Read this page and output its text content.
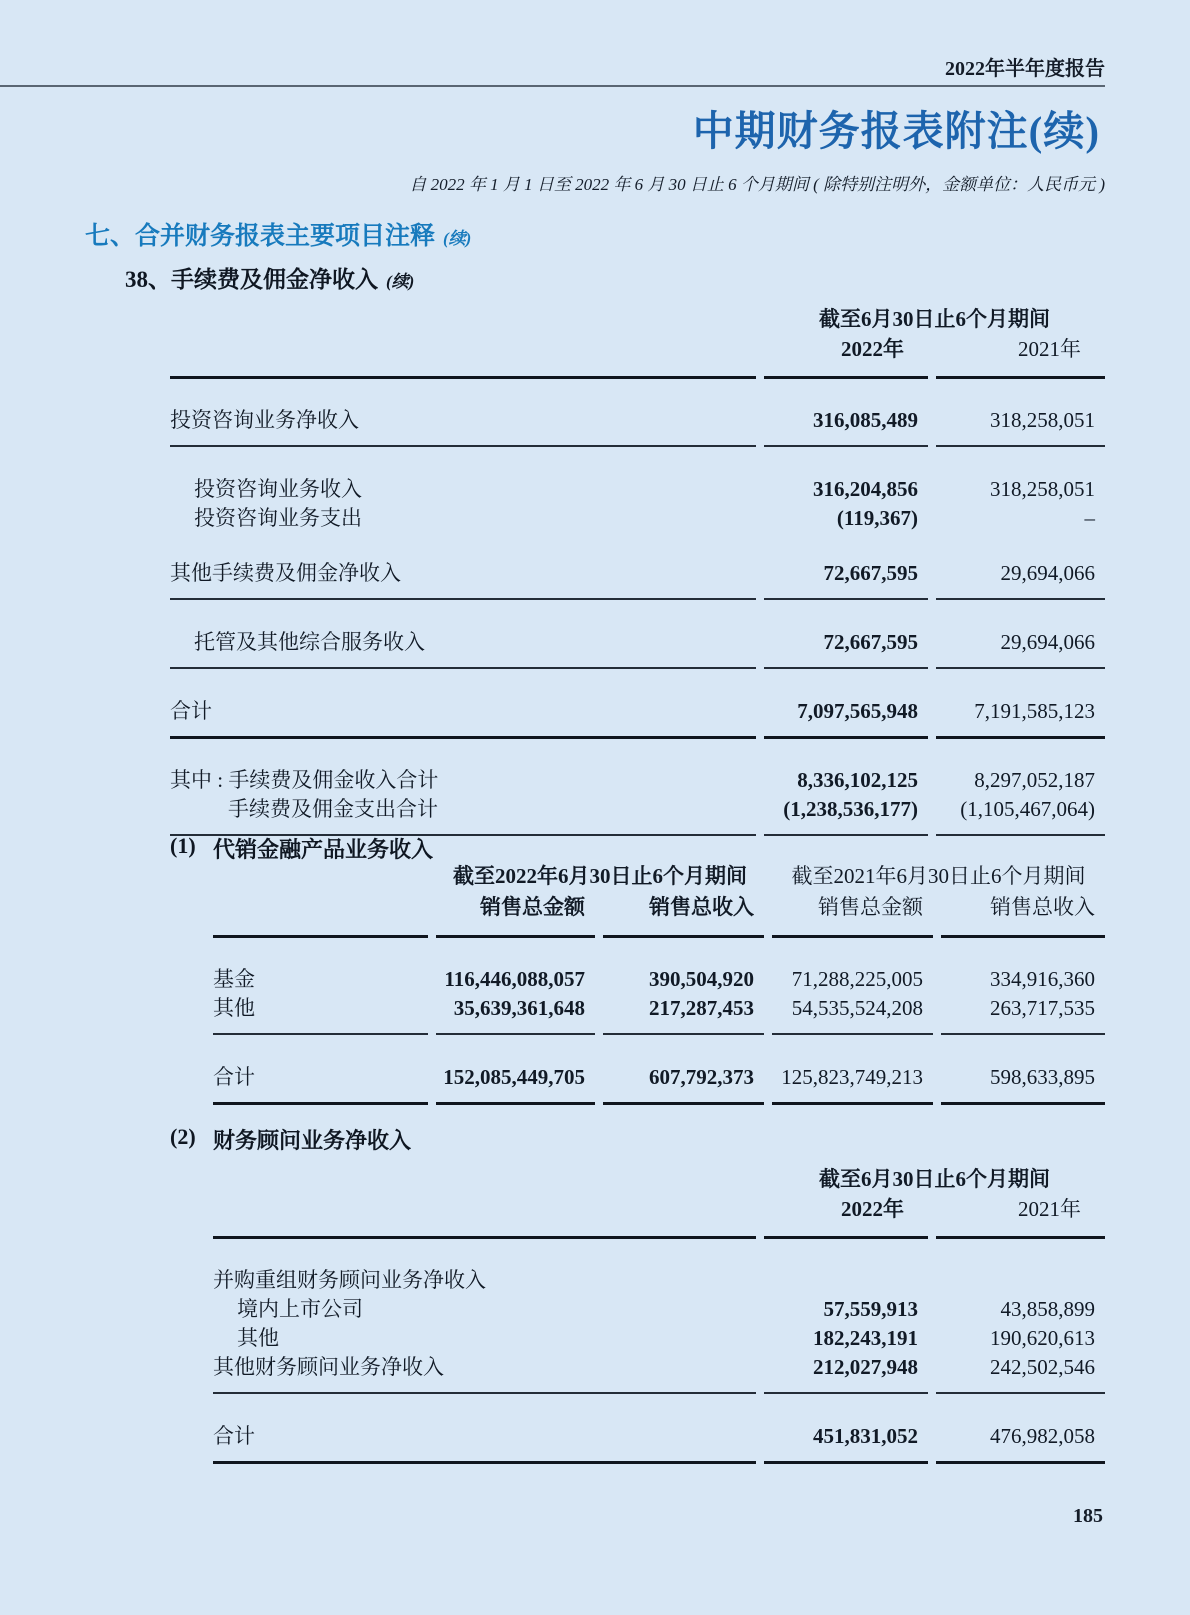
2022年半年度报告
中期财务报表附注(续)
自 2022 年 1 月 1 日至 2022 年 6 月 30 日止 6 个月期间 ( 除特别注明外，金额单位：人民币元 )
七、合并财务报表主要项目注释 (续)
38、手续费及佣金净收入 (续)
截至6月30日止6个月期间
2022年	2021年
投资咨询业务净收入	316,085,489	318,258,051
投资咨询业务收入	316,204,856	318,258,051
投资咨询业务支出	(119,367)	–
其他手续费及佣金净收入	72,667,595	29,694,066
托管及其他综合服务收入	72,667,595	29,694,066
合计	7,097,565,948	7,191,585,123
其中 : 手续费及佣金收入合计	8,336,102,125	8,297,052,187
手续费及佣金支出合计	(1,238,536,177)	(1,105,467,064)
(1) 代销金融产品业务收入
截至2022年6月30日止6个月期间	截至2021年6月30日止6个月期间
销售总金额	销售总收入	销售总金额	销售总收入
基金	116,446,088,057	390,504,920	71,288,225,005	334,916,360
其他	35,639,361,648	217,287,453	54,535,524,208	263,717,535
合计	152,085,449,705	607,792,373	125,823,749,213	598,633,895
(2) 财务顾问业务净收入
截至6月30日止6个月期间
2022年	2021年
并购重组财务顾问业务净收入
境内上市公司	57,559,913	43,858,899
其他	182,243,191	190,620,613
其他财务顾问业务净收入	212,027,948	242,502,546
合计	451,831,052	476,982,058
185
